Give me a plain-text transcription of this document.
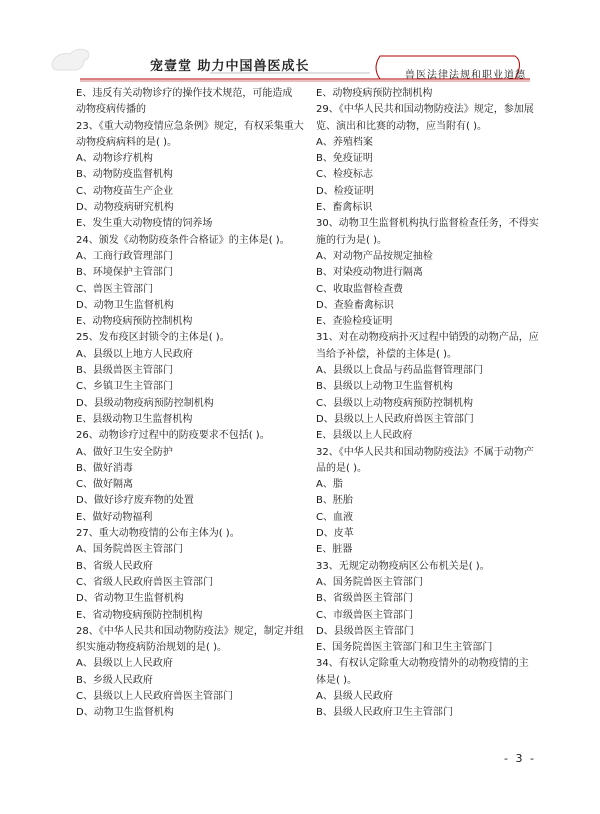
宠壹堂 助力中国兽医成长
兽医法律法规和职业道德
E、违反有关动物诊疗的操作技术规范，可能造成
动物疫病传播的
23、《重大动物疫情应急条例》规定，有权采集重大
动物疫病病料的是( )。
A、动物诊疗机构
B、动物防疫监督机构
C、动物疫苗生产企业
D、动物疫病研究机构
E、发生重大动物疫情的饲养场
24、颁发《动物防疫条件合格证》的主体是( )。
A、工商行政管理部门
B、环境保护主管部门
C、兽医主管部门
D、动物卫生监督机构
E、动物疫病预防控制机构
25、发布疫区封锁令的主体是( )。
A、县级以上地方人民政府
B、县级兽医主管部门
C、乡镇卫生主管部门
D、县级动物疫病预防控制机构
E、县级动物卫生监督机构
26、动物诊疗过程中的防疫要求不包括( )。
A、做好卫生安全防护
B、做好消毒
C、做好隔离
D、做好诊疗废弃物的处置
E、做好动物福利
27、重大动物疫情的公布主体为( )。
A、国务院兽医主管部门
B、省级人民政府
C、省级人民政府兽医主管部门
D、省动物卫生监督机构
E、省动物疫病预防控制机构
28、《中华人民共和国动物防疫法》规定，制定并组
织实施动物疫病防治规划的是( )。
A、县级以上人民政府
B、乡级人民政府
C、县级以上人民政府兽医主管部门
D、动物卫生监督机构
E、动物疫病预防控制机构
29、《中华人民共和国动物防疫法》规定，参加展
览、演出和比赛的动物，应当附有( )。
A、养殖档案
B、免疫证明
C、检疫标志
D、检疫证明
E、畜禽标识
30、动物卫生监督机构执行监督检查任务，不得实
施的行为是( )。
A、对动物产品按规定抽检
B、对染疫动物进行隔离
C、收取监督检查费
D、查验畜禽标识
E、查验检疫证明
31、对在动物疫病扑灭过程中销毁的动物产品，应
当给予补偿，补偿的主体是( )。
A、县级以上食品与药品监督管理部门
B、县级以上动物卫生监督机构
C、县级以上动物疫病预防控制机构
D、县级以上人民政府兽医主管部门
E、县级以上人民政府
32、《中华人民共和国动物防疫法》不属于动物产
品的是( )。
A、脂
B、胚胎
C、血液
D、皮革
E、脏器
33、无规定动物疫病区公布机关是( )。
A、国务院兽医主管部门
B、省级兽医主管部门
C、市级兽医主管部门
D、县级兽医主管部门
E、国务院兽医主管部门和卫生主管部门
34、有权认定除重大动物疫情外的动物疫情的主
体是( )。
A、县级人民政府
B、县级人民政府卫生主管部门
- 3 -
